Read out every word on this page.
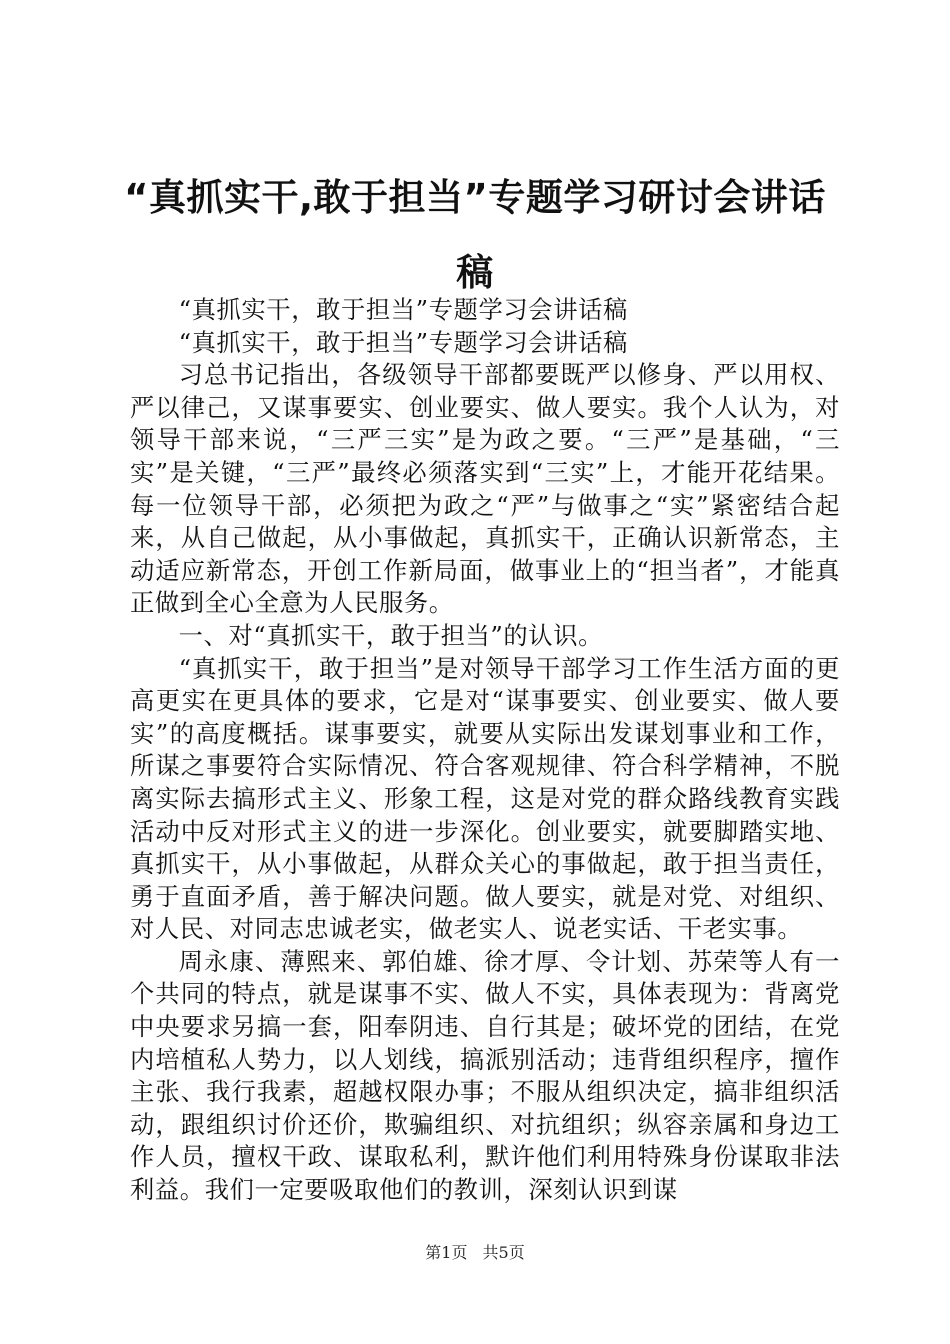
“真抓实干,敢于担当”专题学习研讨会讲话稿

“真抓实干，敢于担当”专题学习会讲话稿

“真抓实干，敢于担当”专题学习会讲话稿

习总书记指出，各级领导干部都要既严以修身、严以用权、严以律己，又谋事要实、创业要实、做人要实。我个人认为，对领导干部来说，“三严三实”是为政之要。“三严”是基础，“三实”是关键，“三严”最终必须落实到“三实”上，才能开花结果。每一位领导干部，必须把为政之“严”与做事之“实”紧密结合起来，从自己做起，从小事做起，真抓实干，正确认识新常态，主动适应新常态，开创工作新局面，做事业上的“担当者”，才能真正做到全心全意为人民服务。

一、对“真抓实干，敢于担当”的认识。

“真抓实干，敢于担当”是对领导干部学习工作生活方面的更高更实在更具体的要求，它是对“谋事要实、创业要实、做人要实”的高度概括。谋事要实，就要从实际出发谋划事业和工作，所谋之事要符合实际情况、符合客观规律、符合科学精神，不脱离实际去搞形式主义、形象工程，这是对党的群众路线教育实践活动中反对形式主义的进一步深化。创业要实，就要脚踏实地、真抓实干，从小事做起，从群众关心的事做起，敢于担当责任，勇于直面矛盾，善于解决问题。做人要实，就是对党、对组织、对人民、对同志忠诚老实，做老实人、说老实话、干老实事。

周永康、薄熙来、郭伯雄、徐才厚、令计划、苏荣等人有一个共同的特点，就是谋事不实、做人不实，具体表现为：背离党中央要求另搞一套，阳奉阴违、自行其是；破坏党的团结，在党内培植私人势力，以人划线，搞派别活动；违背组织程序，擅作主张、我行我素，超越权限办事；不服从组织决定，搞非组织活动，跟组织讨价还价，欺骗组织、对抗组织；纵容亲属和身边工作人员，擅权干政、谋取私利，默许他们利用特殊身份谋取非法利益。我们一定要吸取他们的教训，深刻认识到谋

第1页 共5页
